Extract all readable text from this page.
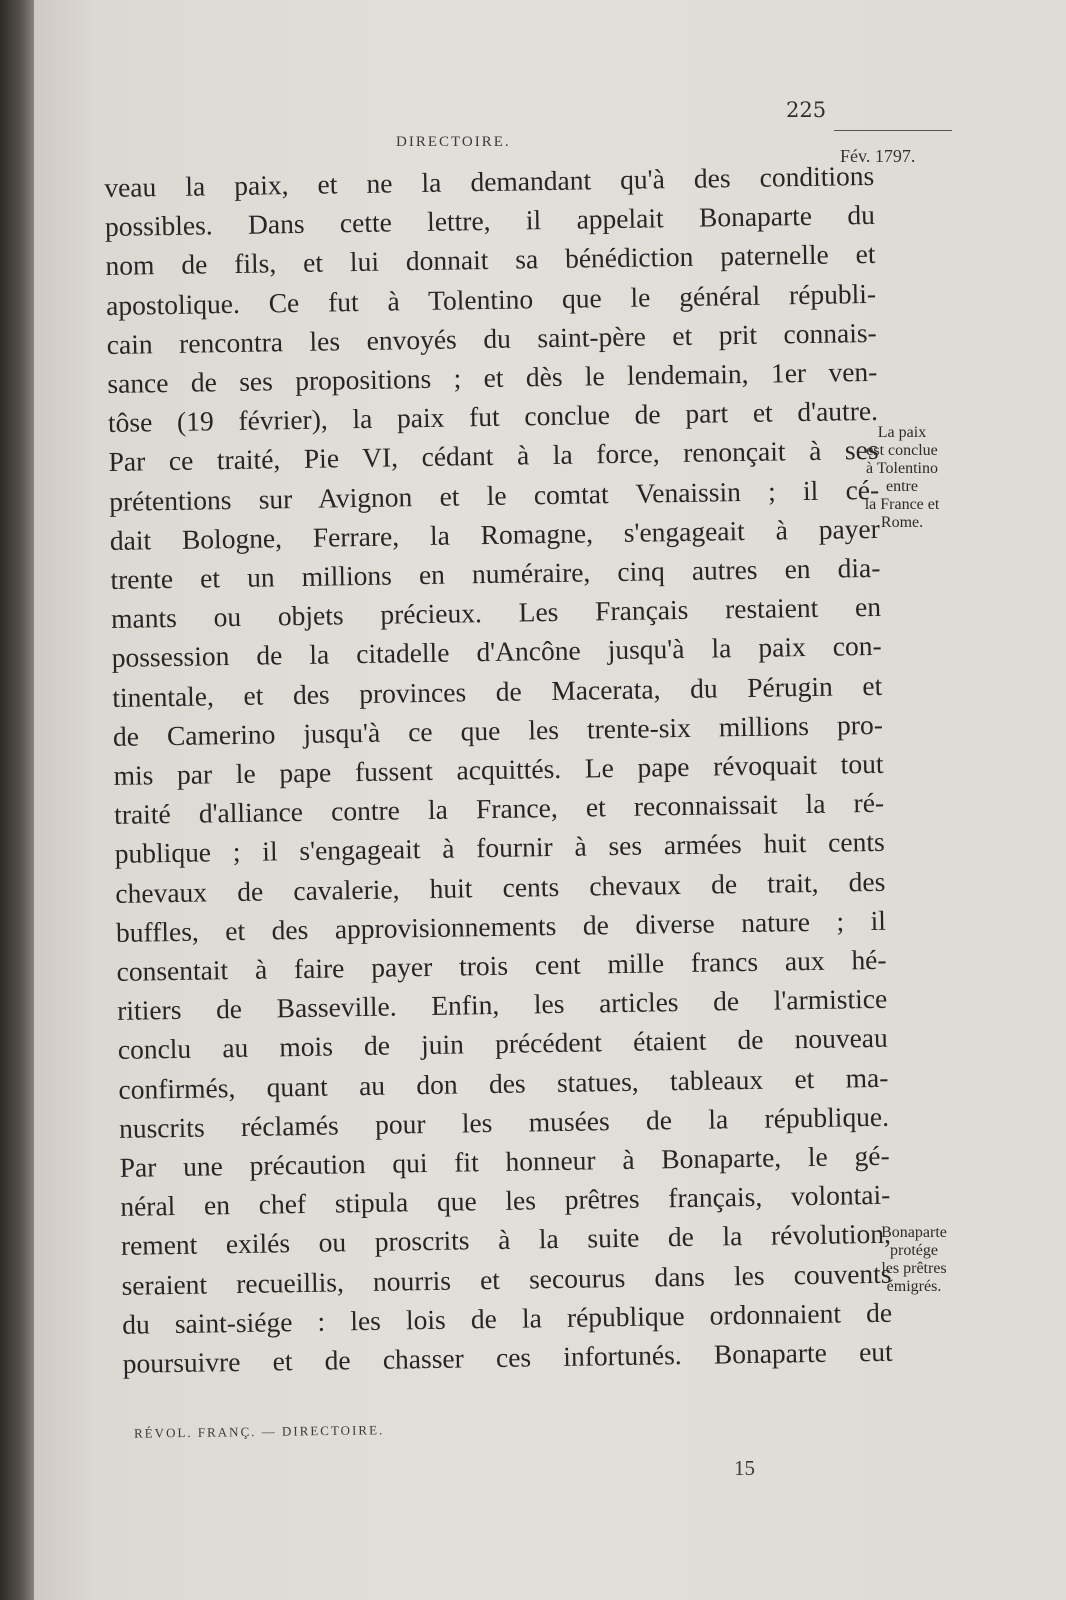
225
DIRECTOIRE.
Fév. 1797.
veau la paix, et ne la demandant qu'à des conditions
possibles. Dans cette lettre, il appelait Bonaparte du
nom de fils, et lui donnait sa bénédiction paternelle et
apostolique. Ce fut à Tolentino que le général républi-
cain rencontra les envoyés du saint-père et prit connais-
sance de ses propositions ; et dès le lendemain, 1er ven-
tôse (19 février), la paix fut conclue de part et d'autre.
Par ce traité, Pie VI, cédant à la force, renonçait à ses
prétentions sur Avignon et le comtat Venaissin ; il cé-
dait Bologne, Ferrare, la Romagne, s'engageait à payer
trente et un millions en numéraire, cinq autres en dia-
mants ou objets précieux. Les Français restaient en
possession de la citadelle d'Ancône jusqu'à la paix con-
tinentale, et des provinces de Macerata, du Pérugin et
de Camerino jusqu'à ce que les trente-six millions pro-
mis par le pape fussent acquittés. Le pape révoquait tout
traité d'alliance contre la France, et reconnaissait la ré-
publique ; il s'engageait à fournir à ses armées huit cents
chevaux de cavalerie, huit cents chevaux de trait, des
buffles, et des approvisionnements de diverse nature ; il
consentait à faire payer trois cent mille francs aux hé-
ritiers de Basseville. Enfin, les articles de l'armistice
conclu au mois de juin précédent étaient de nouveau
confirmés, quant au don des statues, tableaux et ma-
nuscrits réclamés pour les musées de la république.
Par une précaution qui fit honneur à Bonaparte, le gé-
néral en chef stipula que les prêtres français, volontai-
rement exilés ou proscrits à la suite de la révolution,
seraient recueillis, nourris et secourus dans les couvents
du saint-siége : les lois de la république ordonnaient de
poursuivre et de chasser ces infortunés. Bonaparte eut
La paix
est conclue
à Tolentino
entre
la France et
Rome.
Bonaparte
protége
les prêtres
émigrés.
RÉVOL. FRANÇ. — DIRECTOIRE.
15
